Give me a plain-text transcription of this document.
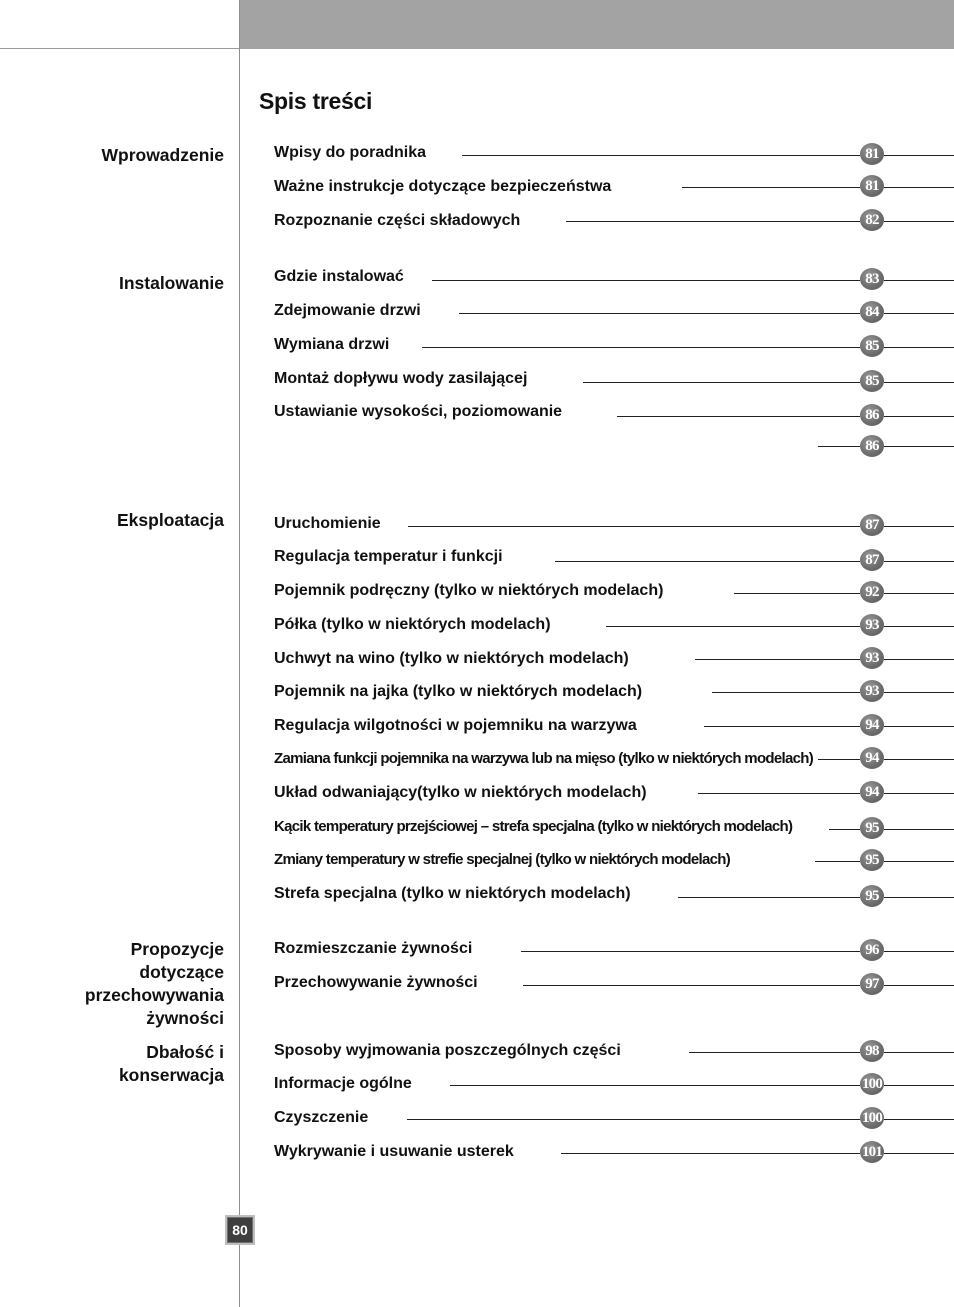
Spis treści
Wprowadzenie
Instalowanie
Eksploatacja
Propozycje
dotyczące
przechowywania
żywności
Dbałość i
konserwacja
Wpisy do poradnika	81
Ważne instrukcje dotyczące bezpieczeństwa	81
Rozpoznanie części składowych	82
Gdzie instalować	83
Zdejmowanie drzwi	84
Wymiana drzwi	85
Montaż dopływu wody zasilającej	85
Ustawianie wysokości, poziomowanie	86
86
Uruchomienie	87
Regulacja temperatur i funkcji	87
Pojemnik podręczny (tylko w niektórych modelach)	92
Półka (tylko w niektórych modelach)	93
Uchwyt na wino (tylko w niektórych modelach)	93
Pojemnik na jajka (tylko w niektórych modelach)	93
Regulacja wilgotności w pojemniku na warzywa	94
Zamiana funkcji pojemnika na warzywa lub na mięso (tylko w niektórych modelach)	94
Układ odwaniający(tylko w niektórych modelach)	94
Kącik temperatury przejściowej – strefa specjalna (tylko w niektórych modelach)	95
Zmiany temperatury w strefie specjalnej (tylko w niektórych modelach)	95
Strefa specjalna (tylko w niektórych modelach)	95
Rozmieszczanie żywności	96
Przechowywanie żywności	97
Sposoby wyjmowania poszczególnych części	98
Informacje ogólne	100
Czyszczenie	100
Wykrywanie i usuwanie usterek	101
80
